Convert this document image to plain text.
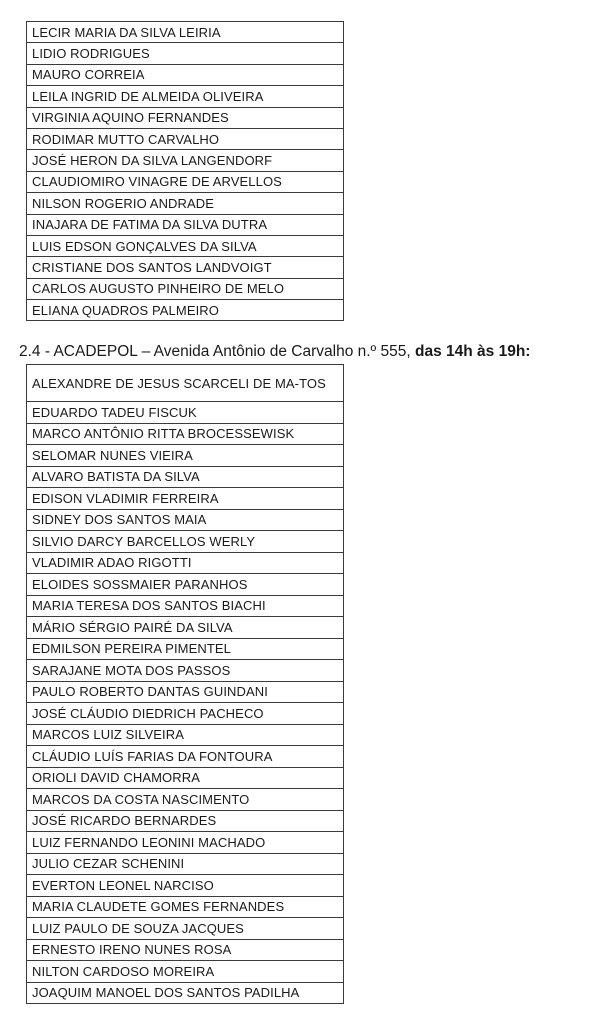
LECIR MARIA DA SILVA LEIRIA
LIDIO RODRIGUES
MAURO CORREIA
LEILA INGRID DE ALMEIDA OLIVEIRA
VIRGINIA AQUINO FERNANDES
RODIMAR MUTTO CARVALHO
JOSÉ HERON DA SILVA LANGENDORF
CLAUDIOMIRO VINAGRE DE ARVELLOS
NILSON ROGERIO ANDRADE
INAJARA DE FATIMA DA SILVA DUTRA
LUIS EDSON GONÇALVES DA SILVA
CRISTIANE DOS SANTOS LANDVOIGT
CARLOS AUGUSTO PINHEIRO DE MELO
ELIANA QUADROS PALMEIRO

2.4 - ACADEPOL – Avenida Antônio de Carvalho n.º 555, das 14h às 19h:

ALEXANDRE DE JESUS SCARCELI DE MA-TOS
EDUARDO TADEU FISCUK
MARCO ANTÔNIO RITTA BROCESSEWISK
SELOMAR NUNES VIEIRA
ALVARO BATISTA DA SILVA
EDISON VLADIMIR FERREIRA
SIDNEY DOS SANTOS MAIA
SILVIO DARCY BARCELLOS WERLY
VLADIMIR ADAO RIGOTTI
ELOIDES SOSSMAIER PARANHOS
MARIA TERESA DOS SANTOS BIACHI
MÁRIO SÉRGIO PAIRÉ DA SILVA
EDMILSON PEREIRA PIMENTEL
SARAJANE MOTA DOS PASSOS
PAULO ROBERTO DANTAS GUINDANI
JOSÉ CLÁUDIO DIEDRICH PACHECO
MARCOS LUIZ SILVEIRA
CLÁUDIO LUÍS FARIAS DA FONTOURA
ORIOLI DAVID CHAMORRA
MARCOS DA COSTA NASCIMENTO
JOSÉ RICARDO BERNARDES
LUIZ FERNANDO LEONINI MACHADO
JULIO CEZAR SCHENINI
EVERTON LEONEL NARCISO
MARIA CLAUDETE GOMES FERNANDES
LUIZ PAULO DE SOUZA JACQUES
ERNESTO IRENO NUNES ROSA
NILTON CARDOSO MOREIRA
JOAQUIM MANOEL DOS SANTOS PADILHA
